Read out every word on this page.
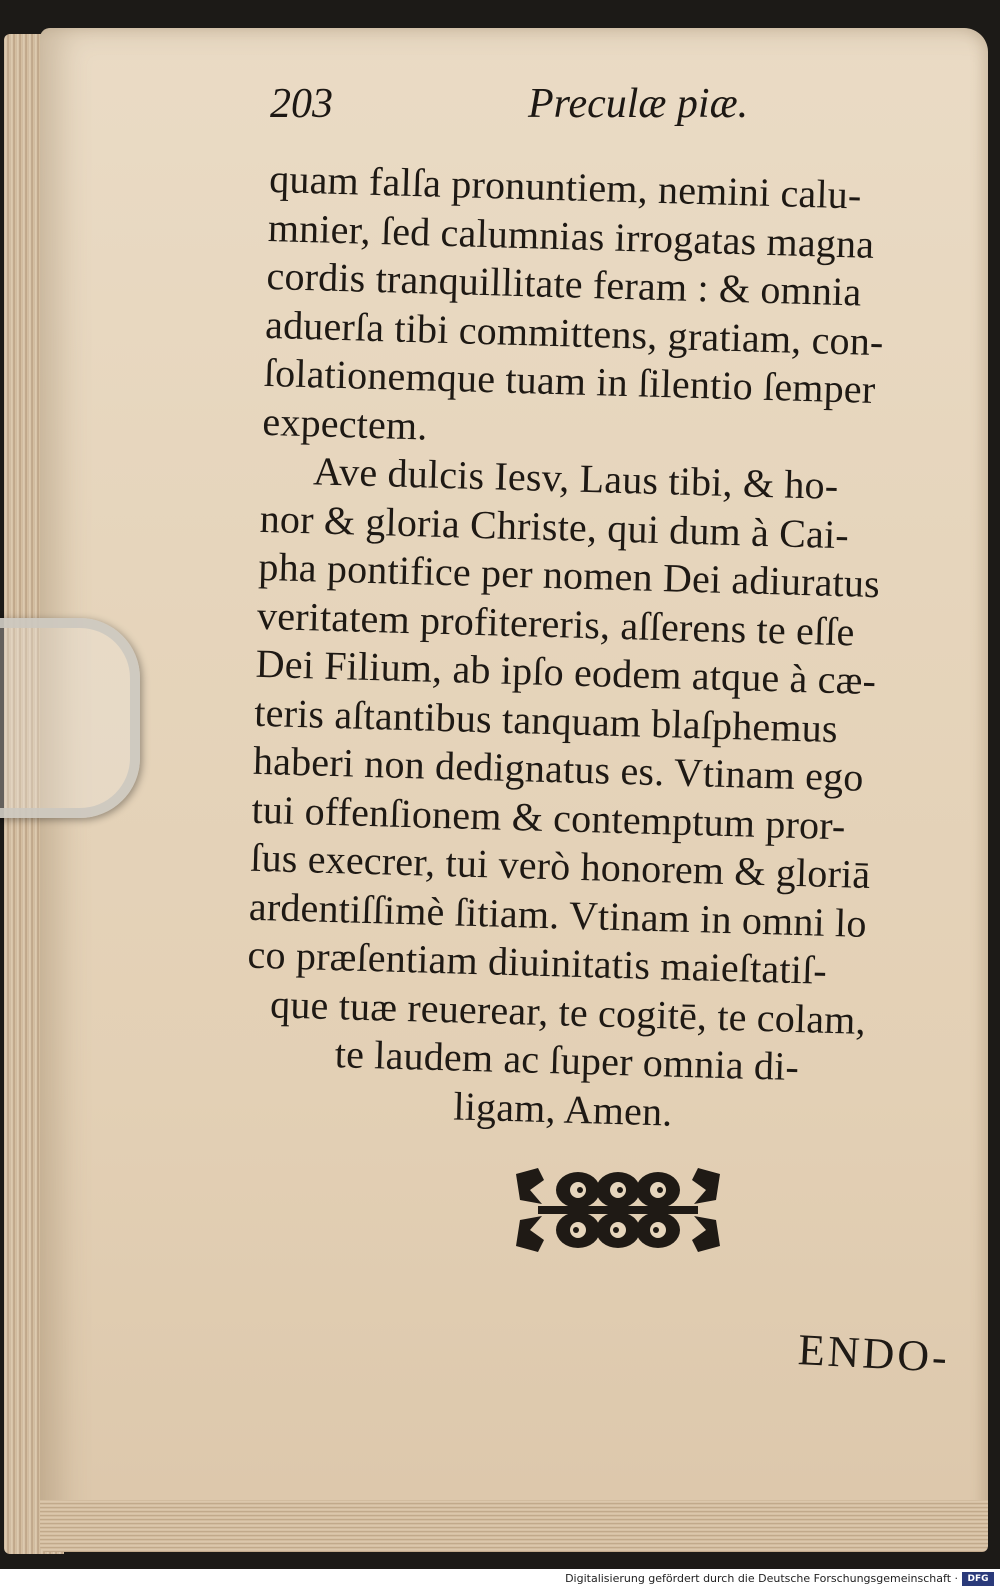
203	Preculæ piæ.
quam falſa pronuntiem, nemini calu-
mnier, ſed calumnias irrogatas magna
cordis tranquillitate feram : & omnia
aduerſa tibi committens, gratiam, con-
ſolationemque tuam in ſilentio ſemper
expectem.
Ave dulcis Iesv, Laus tibi, & ho-
nor & gloria Christe, qui dum à Cai-
pha pontifice per nomen Dei adiuratus
veritatem profitereris, aſſerens te eſſe
Dei Filium, ab ipſo eodem atque à cæ-
teris aſtantibus tanquam blaſphemus
haberi non dedignatus es. Vtinam ego
tui offenſionem & contemptum pror-
ſus execrer, tui verò honorem & gloriā
ardentiſſimè ſitiam. Vtinam in omni lo
co præſentiam diuinitatis maieſtatiſ-
que tuæ reuerear, te cogitē, te colam,
te laudem ac ſuper omnia di-
ligam, Amen.
ENDO-
Digitalisierung gefördert durch die Deutsche Forschungsgemeinschaft ·	DFG
